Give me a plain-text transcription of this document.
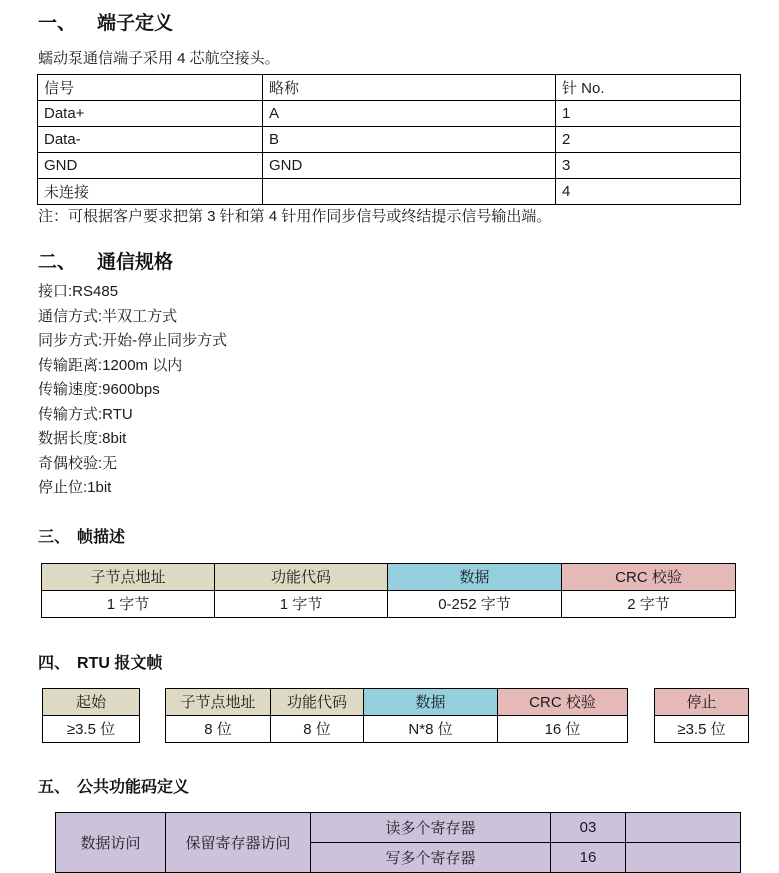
一、 端子定义
蠕动泵通信端子采用 4 芯航空接头。
信号	略称	针 No.
Data+	A	1
Data-	B	2
GND	GND	3
未连接		4
注：可根据客户要求把第 3 针和第 4 针用作同步信号或终结提示信号输出端。
二、 通信规格
接口:RS485
通信方式:半双工方式
同步方式:开始-停止同步方式
传输距离:1200m 以内
传输速度:9600bps
传输方式:RTU
数据长度:8bit
奇偶校验:无
停止位:1bit
三、 帧描述
子节点地址	功能代码	数据	CRC 校验
1 字节	1 字节	0-252 字节	2 字节
四、 RTU 报文帧
起始
≥3.5 位
子节点地址	功能代码	数据	CRC 校验
8 位	8 位	N*8 位	16 位
停止
≥3.5 位
五、 公共功能码定义
数据访问	保留寄存器访问	读多个寄存器	03	
		写多个寄存器	16	
